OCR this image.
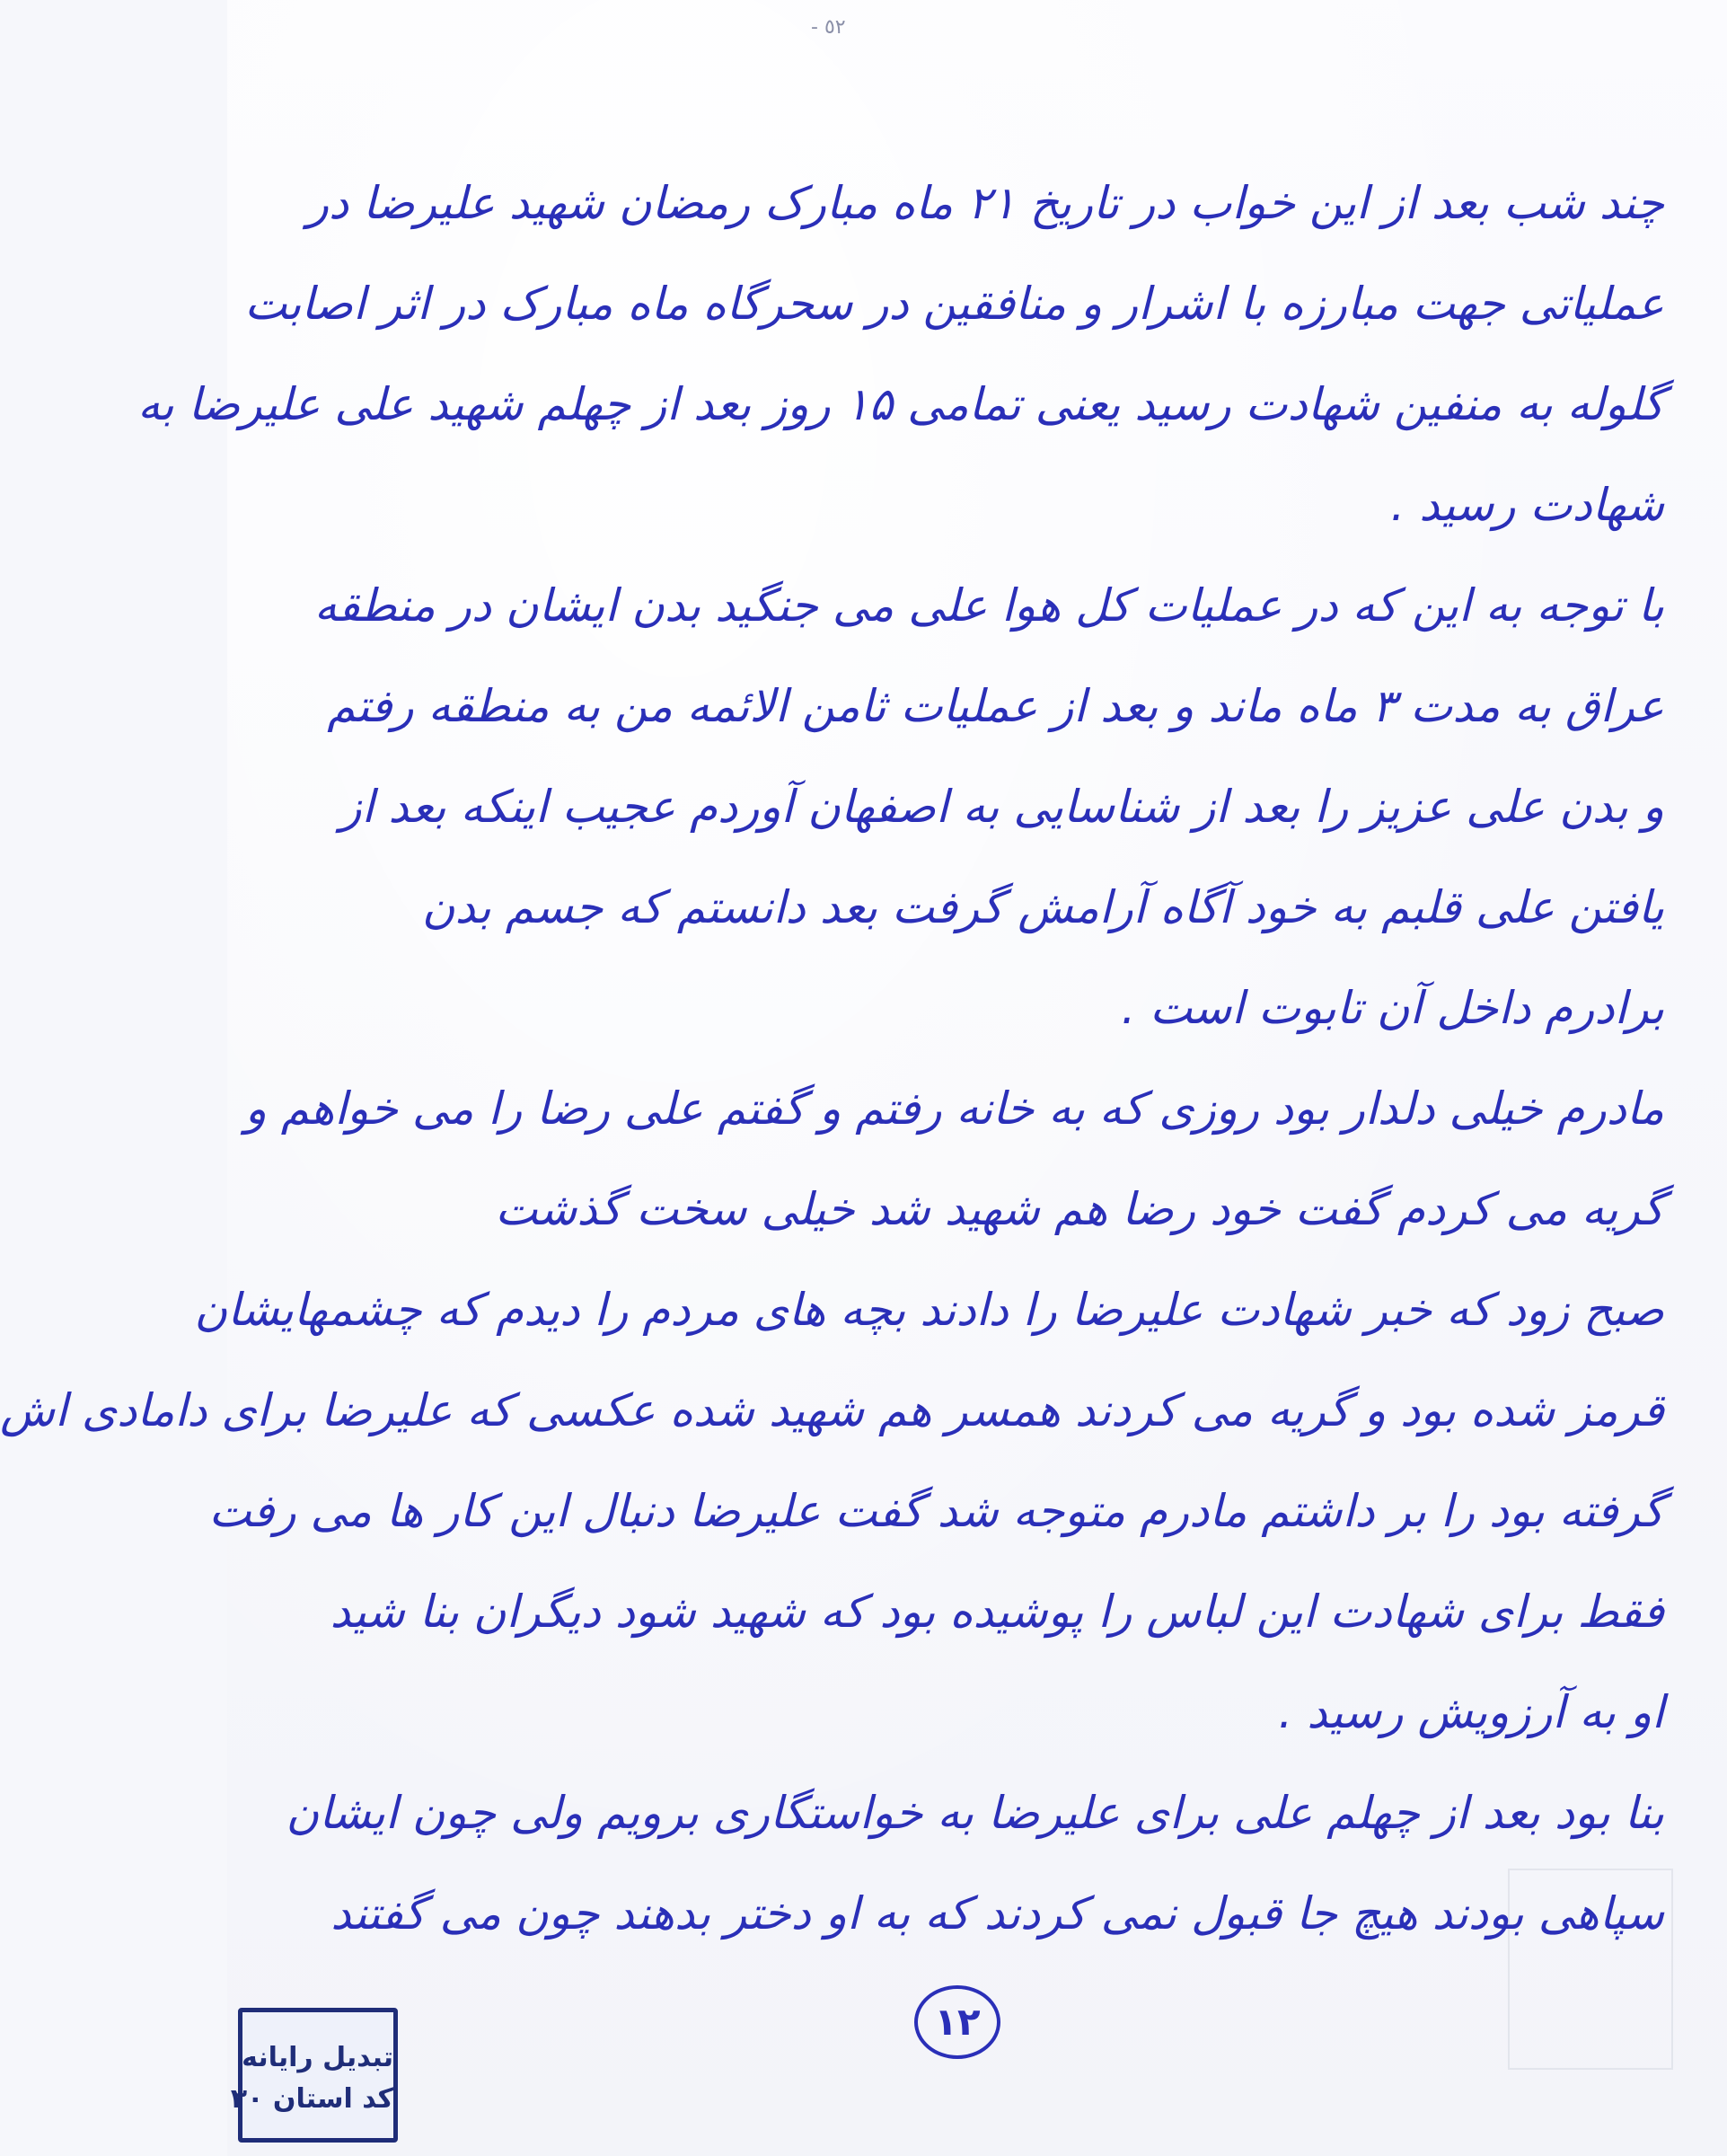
- ٥٢
چند شب بعد از این خواب در تاریخ ۲۱ ماه مبارک رمضان شهید علیرضا در
عملیاتی جهت مبارزه با اشرار و منافقین در سحرگاه ماه مبارک در اثر اصابت
گلوله به منفین شهادت رسید یعنی تمامی ۱۵ روز بعد از چهلم شهید علی علیرضا به
شهادت رسید .
با توجه به این که در عملیات کل هوا علی می جنگید بدن ایشان در منطقه
عراق به مدت ۳ ماه ماند و بعد از عملیات ثامن الائمه من به منطقه رفتم
و بدن علی عزیز را بعد از شناسایی به اصفهان آوردم عجیب اینکه بعد از
یافتن علی قلبم به خود آگاه آرامش گرفت بعد دانستم که جسم بدن
برادرم داخل آن تابوت است .
مادرم خیلی دلدار بود روزی که به خانه رفتم و گفتم علی رضا را می خواهم و
گریه می کردم گفت خود رضا هم شهید شد خیلی سخت گذشت
صبح زود که خبر شهادت علیرضا را دادند بچه های مردم را دیدم که چشمهایشان
قرمز شده بود و گریه می کردند همسر هم شهید شده عکسی که علیرضا برای دامادی اش
گرفته بود را بر داشتم مادرم متوجه شد گفت علیرضا دنبال این کار ها می رفت
فقط برای شهادت این لباس را پوشیده بود که شهید شود دیگران بنا شید
او به آرزویش رسید .
بنا بود بعد از چهلم علی برای علیرضا به خواستگاری برویم ولی چون ایشان
سپاهی بودند هیچ جا قبول نمی کردند که به او دختر بدهند چون می گفتند
۱۲
تبدیل رایانه
کد استان ۳۰
